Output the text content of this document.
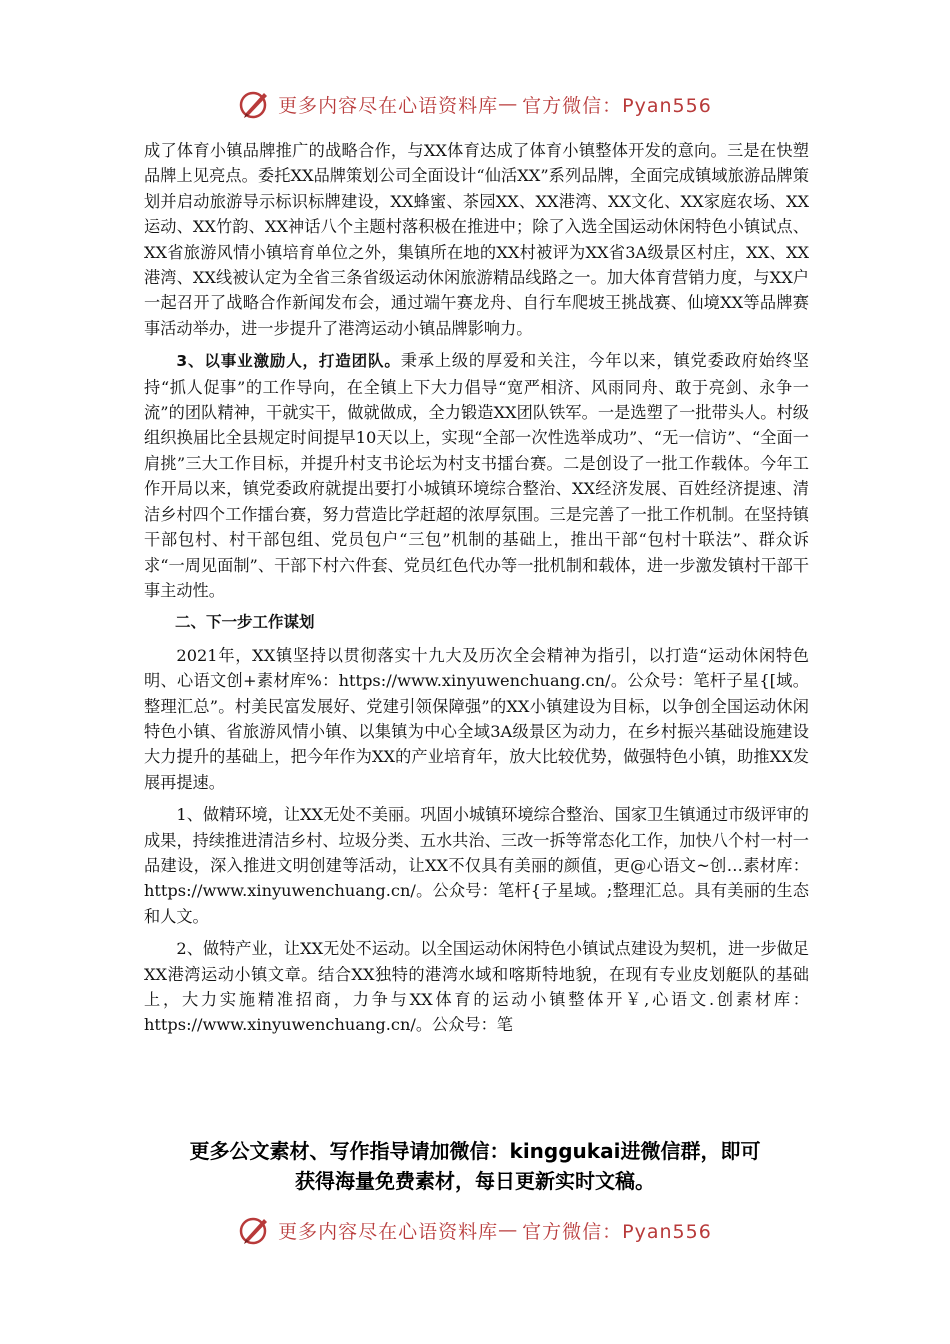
更多内容尽在心语资料库 — 官方微信：Pyan556

成了体育小镇品牌推广的战略合作，与XX体育达成了体育小镇整体开发的意向。三是在快塑品牌上见亮点。委托XX品牌策划公司全面设计“仙活XX”系列品牌，全面完成镇域旅游品牌策划并启动旅游导示标识标牌建设，XX蜂蜜、茶园XX、XX港湾、XX文化、XX家庭农场、XX运动、XX竹韵、XX神话八个主题村落积极在推进中；除了入选全国运动休闲特色小镇试点、XX省旅游风情小镇培育单位之外，集镇所在地的XX村被评为XX省3A级景区村庄，XX、XX港湾、XX线被认定为全省三条省级运动休闲旅游精品线路之一。加大体育营销力度，与XX户一起召开了战略合作新闻发布会，通过端午赛龙舟、自行车爬坡王挑战赛、仙境XX等品牌赛事活动举办，进一步提升了港湾运动小镇品牌影响力。

3、以事业激励人，打造团队。秉承上级的厚爱和关注，今年以来，镇党委政府始终坚持“抓人促事”的工作导向，在全镇上下大力倡导“宽严相济、风雨同舟、敢于亮剑、永争一流”的团队精神，干就实干，做就做成，全力锻造XX团队铁军。一是选塑了一批带头人。村级组织换届比全县规定时间提早10天以上，实现“全部一次性选举成功”、“无一信访”、“全面一肩挑”三大工作目标，并提升村支书论坛为村支书擂台赛。二是创设了一批工作载体。今年工作开局以来，镇党委政府就提出要打小城镇环境综合整治、XX经济发展、百姓经济提速、清洁乡村四个工作擂台赛，努力营造比学赶超的浓厚氛围。三是完善了一批工作机制。在坚持镇干部包村、村干部包组、党员包户“三包”机制的基础上，推出干部“包村十联法”、群众诉求“一周见面制”、干部下村六件套、党员红色代办等一批机制和载体，进一步激发镇村干部干事主动性。

二、下一步工作谋划

2021年，XX镇坚持以贯彻落实十九大及历次全会精神为指引，以打造“运动休闲特色明、心语文创+素材库%：https://www.xinyuwenchuang.cn/。公众号：笔杆子星{[域。整理汇总”。村美民富发展好、党建引领保障强”的XX小镇建设为目标，以争创全国运动休闲特色小镇、省旅游风情小镇、以集镇为中心全域3A级景区为动力，在乡村振兴基础设施建设大力提升的基础上，把今年作为XX的产业培育年，放大比较优势，做强特色小镇，助推XX发展再提速。

1、做精环境，让XX无处不美丽。巩固小城镇环境综合整治、国家卫生镇通过市级评审的成果，持续推进清洁乡村、垃圾分类、五水共治、三改一拆等常态化工作，加快八个村一村一品建设，深入推进文明创建等活动，让XX不仅具有美丽的颜值，更@心语文~创…素材库：https://www.xinyuwenchuang.cn/。公众号：笔杆{子星域。;整理汇总。具有美丽的生态和人文。

2、做特产业，让XX无处不运动。以全国运动休闲特色小镇试点建设为契机，进一步做足XX港湾运动小镇文章。结合XX独特的港湾水域和喀斯特地貌，在现有专业皮划艇队的基础上，大力实施精准招商，力争与XX体育的运动小镇整体开￥,心语文.创素材库：https://www.xinyuwenchuang.cn/。公众号：笔

更多公文素材、写作指导请加微信：kinggukai进微信群，即可
获得海量免费素材，每日更新实时文稿。
更多内容尽在心语资料库 — 官方微信：Pyan556
